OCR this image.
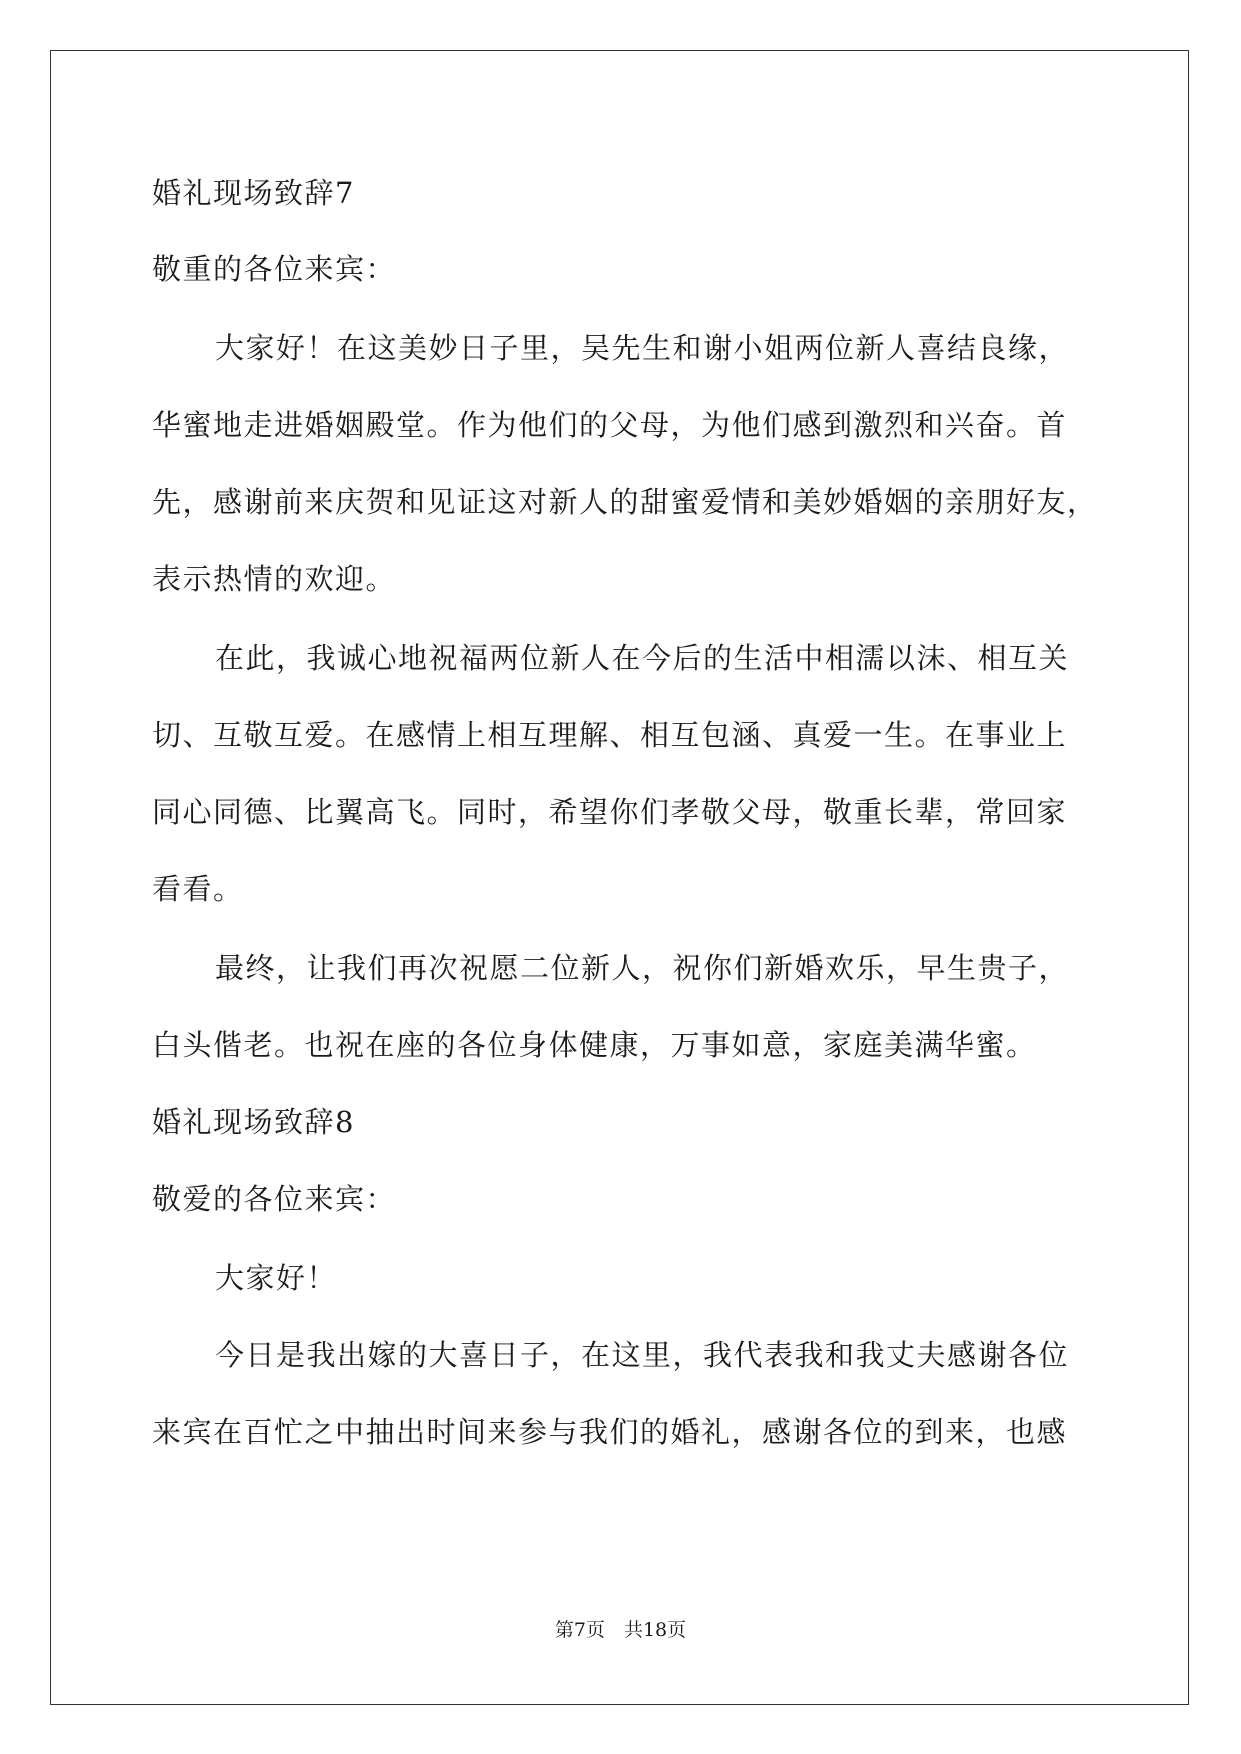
婚礼现场致辞7
敬重的各位来宾：
大家好！在这美妙日子里，吴先生和谢小姐两位新人喜结良缘，
华蜜地走进婚姻殿堂。作为他们的父母，为他们感到激烈和兴奋。首
先，感谢前来庆贺和见证这对新人的甜蜜爱情和美妙婚姻的亲朋好友，
表示热情的欢迎。
在此，我诚心地祝福两位新人在今后的生活中相濡以沫、相互关
切、互敬互爱。在感情上相互理解、相互包涵、真爱一生。在事业上
同心同德、比翼高飞。同时，希望你们孝敬父母，敬重长辈，常回家
看看。
最终，让我们再次祝愿二位新人，祝你们新婚欢乐，早生贵子，
白头偕老。也祝在座的各位身体健康，万事如意，家庭美满华蜜。
婚礼现场致辞8
敬爱的各位来宾：
大家好！
今日是我出嫁的大喜日子，在这里，我代表我和我丈夫感谢各位
来宾在百忙之中抽出时间来参与我们的婚礼，感谢各位的到来，也感
第7页　共18页
